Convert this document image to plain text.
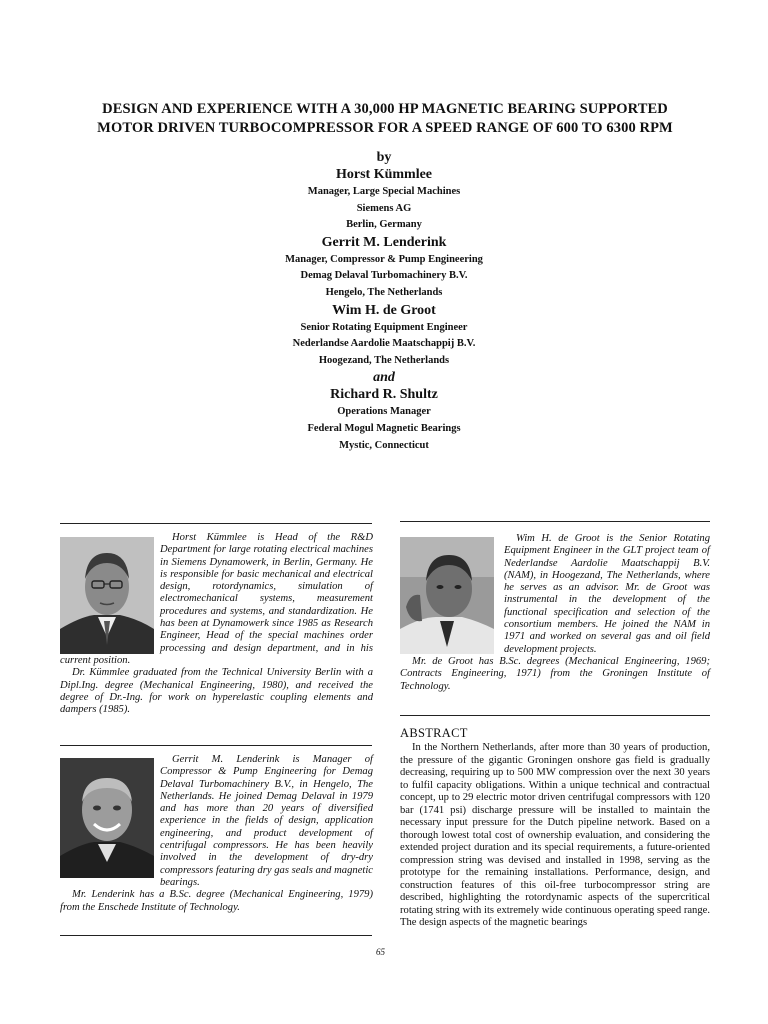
DESIGN AND EXPERIENCE WITH A 30,000 HP MAGNETIC BEARING SUPPORTED
MOTOR DRIVEN TURBOCOMPRESSOR FOR A SPEED RANGE OF 600 TO 6300 RPM
by
Horst Kümmlee
Manager, Large Special Machines
Siemens AG
Berlin, Germany
Gerrit M. Lenderink
Manager, Compressor & Pump Engineering
Demag Delaval Turbomachinery B.V.
Hengelo, The Netherlands
Wim H. de Groot
Senior Rotating Equipment Engineer
Nederlandse Aardolie Maatschappij B.V.
Hoogezand, The Netherlands
and
Richard R. Shultz
Operations Manager
Federal Mogul Magnetic Bearings
Mystic, Connecticut

Horst Kümmlee is Head of the R&D Department for large rotating electrical machines in Siemens Dynamowerk, in Berlin, Germany. He is responsible for basic mechanical and electrical design, rotordynamics, simulation of electromechanical systems, measurement procedures and systems, and standardization. He has been at Dynamowerk since 1985 as Research Engineer, Head of the special machines order processing and design department, and in his current position.

Dr. Kümmlee graduated from the Technical University Berlin with a Dipl.Ing. degree (Mechanical Engineering, 1980), and received the degree of Dr.-Ing. for work on hyperelastic coupling elements and dampers (1985).

Gerrit M. Lenderink is Manager of Compressor & Pump Engineering for Demag Delaval Turbomachinery B.V., in Hengelo, The Netherlands. He joined Demag Delaval in 1979 and has more than 20 years of diversified experience in the fields of design, application engineering, and product development of centrifugal compressors. He has been heavily involved in the development of dry-dry compressors featuring dry gas seals and magnetic bearings.

Mr. Lenderink has a B.Sc. degree (Mechanical Engineering, 1979) from the Enschede Institute of Technology.

Wim H. de Groot is the Senior Rotating Equipment Engineer in the GLT project team of Nederlandse Aardolie Maatschappij B.V. (NAM), in Hoogezand, The Netherlands, where he serves as an advisor. Mr. de Groot was instrumental in the development of the functional specification and selection of the consortium members. He joined the NAM in 1971 and worked on several gas and oil field development projects.

Mr. de Groot has B.Sc. degrees (Mechanical Engineering, 1969; Contracts Engineering, 1971) from the Groningen Institute of Technology.

ABSTRACT

In the Northern Netherlands, after more than 30 years of production, the pressure of the gigantic Groningen onshore gas field is gradually decreasing, requiring up to 500 MW compression over the next 30 years to fulfil capacity obligations. Within a unique technical and contractual concept, up to 29 electric motor driven centrifugal compressors with 120 bar (1741 psi) discharge pressure will be installed to maintain the necessary input pressure for the Dutch pipeline network. Based on a thorough lowest total cost of ownership evaluation, and considering the extended project duration and its special requirements, a future-oriented compression string was devised and installed in 1998, serving as the prototype for the remaining installations. Performance, design, and construction features of this oil-free turbocompressor string are described, highlighting the rotordynamic aspects of the supercritical rotating string with its extremely wide continuous operating speed range. The design aspects of the magnetic bearings

65
